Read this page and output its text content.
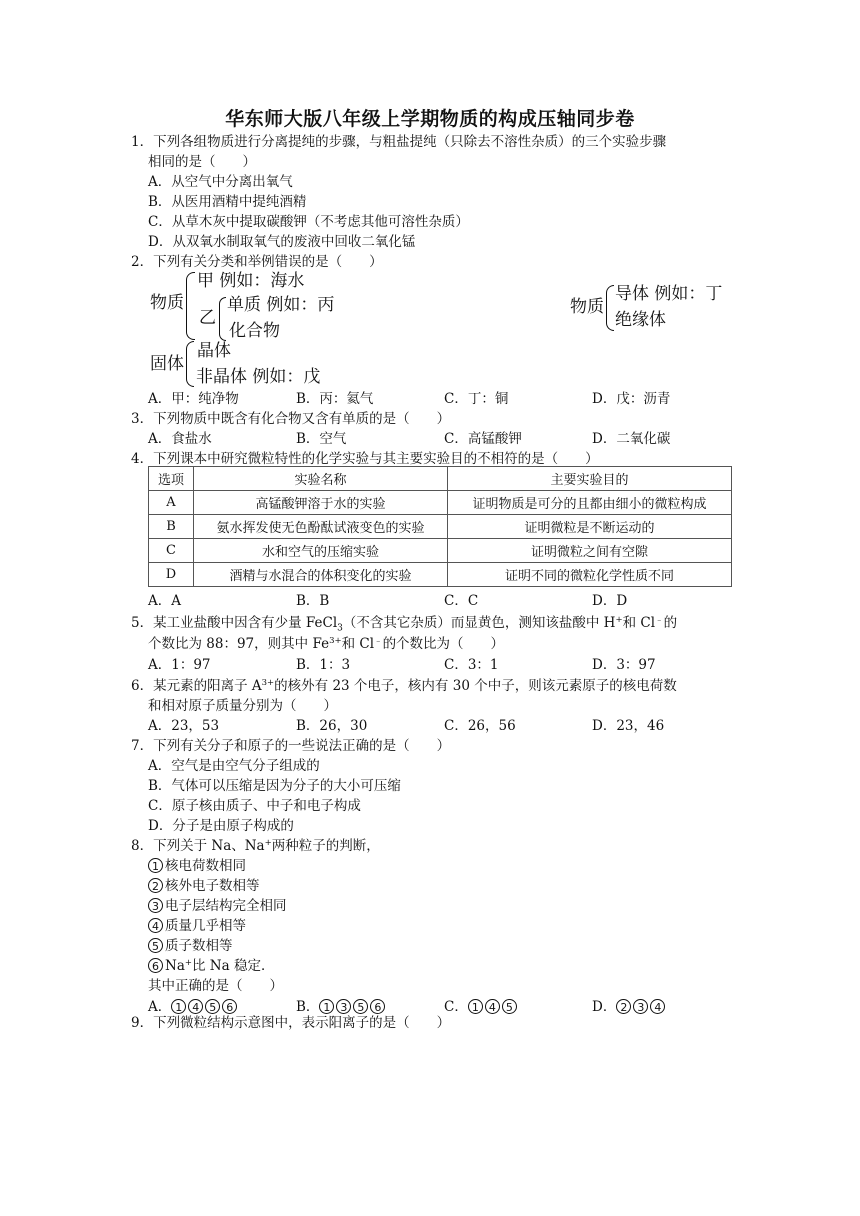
华东师大版八年级上学期物质的构成压轴同步卷
1．下列各组物质进行分离提纯的步骤，与粗盐提纯（只除去不溶性杂质）的三个实验步骤
相同的是（　　）
A．从空气中分离出氧气
B．从医用酒精中提纯酒精
C．从草木灰中提取碳酸钾（不考虑其他可溶性杂质）
D．从双氧水制取氧气的废液中回收二氧化锰
2．下列有关分类和举例错误的是（　　）
物质
甲 例如：海水
乙
单质 例如：丙
化合物
物质
导体 例如：丁
绝缘体
固体
晶体
非晶体 例如：戊
A．甲：纯净物	B．丙：氦气	C．丁：铜	D．戊：沥青
3．下列物质中既含有化合物又含有单质的是（　　）
A．食盐水	B．空气	C．高锰酸钾	D．二氧化碳
4．下列课本中研究微粒特性的化学实验与其主要实验目的不相符的是（　　）
选项	实验名称	主要实验目的
A	高锰酸钾溶于水的实验	证明物质是可分的且都由细小的微粒构成
B	氨水挥发使无色酚酞试液变色的实验	证明微粒是不断运动的
C	水和空气的压缩实验	证明微粒之间有空隙
D	酒精与水混合的体积变化的实验	证明不同的微粒化学性质不同
A．A	B．B	C．C	D．D
5．某工业盐酸中因含有少量 FeCl$_3$（不含其它杂质）而显黄色，测知该盐酸中 H+和 Cl﹣的
个数比为 88：97，则其中 $Fe^{3+}$和 Cl﹣的个数比为（　　）
A．1：97	B．1：3	C．3：1	D．3：97
6．某元素的阳离子 $A^{3+}$的核外有 23 个电子，核内有 30 个中子，则该元素原子的核电荷数
和相对原子质量分别为（　　）
A．23，53	B．26，30	C．26，56	D．23，46
7．下列有关分子和原子的一些说法正确的是（　　）
A．空气是由空气分子组成的
B．气体可以压缩是因为分子的大小可压缩
C．原子核由质子、中子和电子构成
D．分子是由原子构成的
8．下列关于 Na、Na+两种粒子的判断，
1 核电荷数相同
2 核外电子数相等
3 电子层结构完全相同
4 质量几乎相等
5 质子数相等
6 Na+比 Na 稳定．
其中正确的是（　　）
A． 1 4 5 6	B． 1 3 5 6	C． 1 4 5	D． 2 3 4
9．下列微粒结构示意图中，表示阳离子的是（　　）
